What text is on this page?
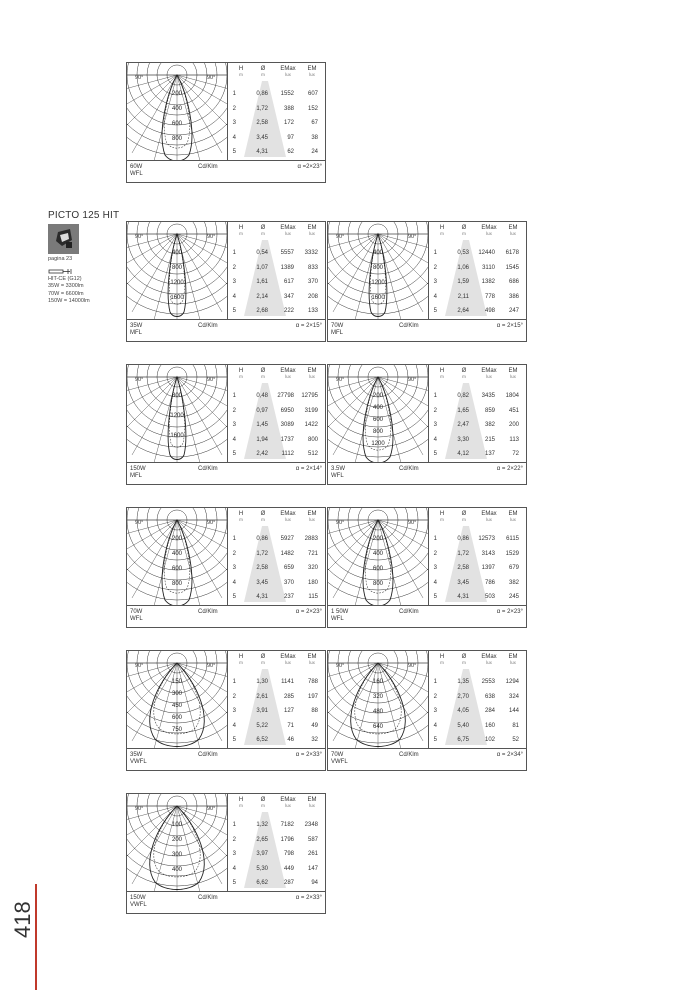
PICTO 125 HIT
pagina 23
HIT-CE (G12)
35W = 3300lm
70W = 6600lm
150W = 14000lm
90°	90°
200
400
600
800
H
m
Ø
m
EMax
lux
EM
lux
1	0,86	1552	607
2	1,72	388	152
3	2,58	172	67
4	3,45	97	38
5	4,31	62	24
60W
WFL
Cd/Klm	α =2×23°
90°	90°
400
800
1200
1600
H
m
Ø
m
EMax
lux
EM
lux
1	0,54	5557	3332
2	1,07	1389	833
3	1,61	617	370
4	2,14	347	208
5	2,68	222	133
35W
MFL
Cd/Klm	α = 2×15°
90°	90°
400
800
1200
1600
H
m
Ø
m
EMax
lux
EM
lux
1	0,53 12440	6178
2	1,06	3110	1545
3	1,59	1382	686
4	2,11	778	386
5	2,64	498	247
70W
MFL
Cd/Klm	α = 2×15°
90°	90°
800
1200
1600
H
m
Ø
m
EMax
lux
EM
lux
1	0,48 27798	12795
2	0,97	6950	3199
3	1,45	3089	1422
4	1,94	1737	800
5	2,42	1112	512
150W
MFL
Cd/Klm	α = 2×14°
90°	90°
200
400
600
800
1200
H
m
Ø
m
EMax
lux
EM
lux
1	0,82	3435	1804
2	1,65	859	451
3	2,47	382	200
4	3,30	215	113
5	4,12	137	72
3.5W
WFL
Cd/Klm	α = 2×22°
90°	90°
200
400
600
800
H
m
Ø
m
EMax
lux
EM
lux
1	0,86	5927	2883
2	1,72	1482	721
3	2,58	659	320
4	3,45	370	180
5	4,31	237	115
70W
WFL
Cd/Klm	α = 2×23°
90°	90°
200
400
600
800
H
m
Ø
m
EMax
lux
EM
lux
1	0,86 12573	6115
2	1,72	3143	1529
3	2,58	1397	679
4	3,45	786	382
5	4,31	503	245
1 50W
WFL
Cd/Klm	α = 2×23°
90°	90°
150
300
450
600
750
H
m
Ø
m
EMax
lux
EM
lux
1	1,30	1141	788
2	2,61	285	197
3	3,91	127	88
4	5,22	71	49
5	6,52	46	32
35W
VWFL
Cd/Klm	α = 2×33°
90°	90°
160
320
480
640
H
m
Ø
m
EMax
lux
EM
lux
1	1,35	2553	1294
2	2,70	638	324
3	4,05	284	144
4	5,40	160	81
5	6,75	102	52
70W
VWFL
Cd/Klm	α = 2×34°
90°	90°
100
200
300
400
H
m
Ø
m
EMax
lux
EM
lux
1	1,32	7182	2348
2	2,65	1796	587
3	3,97	798	261
4	5,30	449	147
5	6,62	287	94
150W
VWFL
Cd/Klm	α = 2×33°
418
